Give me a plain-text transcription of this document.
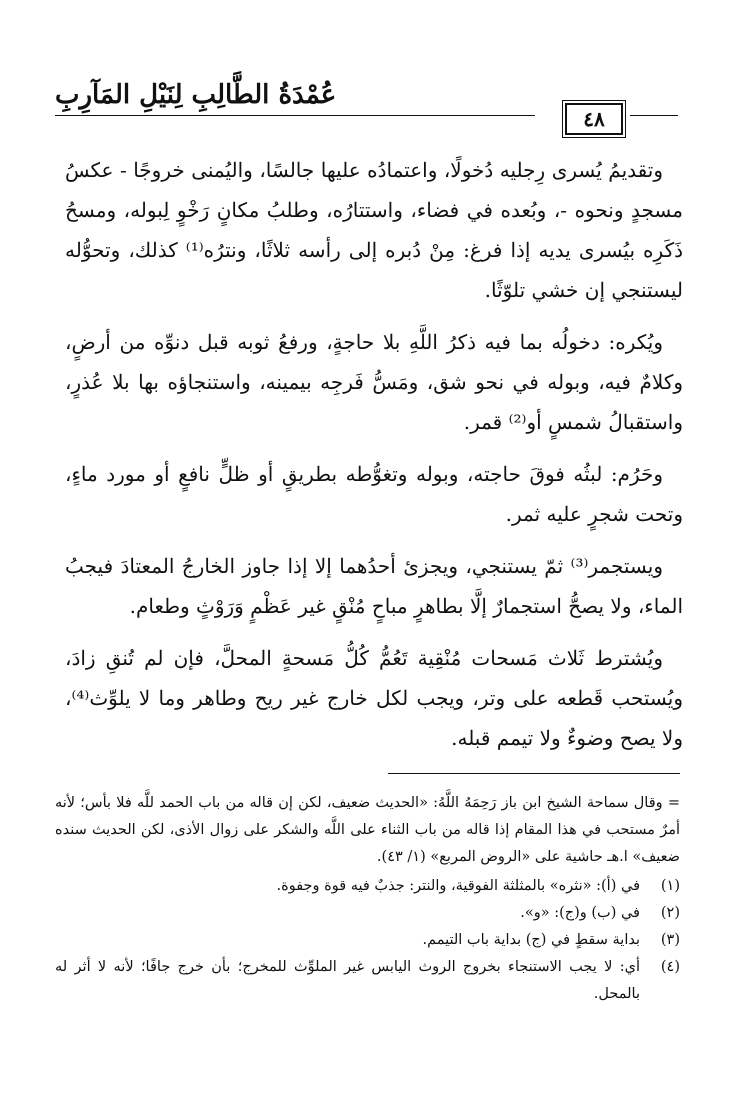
عُمْدَةُ الطَّالِبِ لِنَيْلِ المَآرِبِ
٤٨

وتقديمُ يُسرى رِجليه دُخولًا، واعتمادُه عليها جالسًا، واليُمنى خروجًا - عكسُ مسجدٍ ونحوه -، وبُعده في فضاء، واستتارُه، وطلبُ مكانٍ رَخْوٍ لِبوله، ومسحُ ذَكَرِه بيُسرى يديه إذا فرغ: مِنْ دُبره إلى رأسه ثلاثًا، ونترُه⁽¹⁾ كذلك، وتحوُّله ليستنجي إن خشي تلوّثًا.

ويُكره: دخولُه بما فيه ذكرُ اللَّهِ بلا حاجةٍ، ورفعُ ثوبه قبل دنوِّه من أرضٍ، وكلامٌ فيه، وبوله في نحو شق، ومَسُّ فَرجِه بيمينه، واستنجاؤه بها بلا عُذرٍ، واستقبالُ شمسٍ أو⁽²⁾ قمر.

وحَرُم: لبثُه فوقَ حاجته، وبوله وتغوُّطه بطريقٍ أو ظلٍّ نافعٍ أو مورد ماءٍ، وتحت شجرٍ عليه ثمر.

ويستجمر⁽³⁾ ثمّ يستنجي، ويجزئ أحدُهما إلا إذا جاوز الخارجُ المعتادَ فيجبُ الماء، ولا يصحُّ استجمارٌ إلَّا بطاهرٍ مباحٍ مُنْقٍ غير عَظْمٍ وَرَوْثٍ وطعام.

ويُشترط ثَلاث مَسحات مُنْقِية تَعُمُّ كُلُّ مَسحةٍ المحلَّ، فإن لم تُنقِ زادَ، ويُستحب قَطعه على وتر، ويجب لكل خارج غير ريح وطاهر وما لا يلوِّث⁽⁴⁾، ولا يصح وضوءٌ ولا تيمم قبله.

= وقال سماحة الشيخ ابن باز رَحِمَهُ اللَّهُ: «الحديث ضعيف، لكن إن قاله من باب الحمد للَّه فلا بأس؛ لأنه أمرٌ مستحب في هذا المقام إذا قاله من باب الثناء على اللَّه والشكر على زوال الأذى، لكن الحديث سنده ضعيف» ا.هـ حاشية على «الروض المربع» (١/ ٤٣).

(١)
في (أ): «نثره» بالمثلثة الفوقية، والنتر: جذبٌ فيه قوة وجفوة.

(٢)
في (ب) و(ج): «و».

(٣)
بداية سقطٍ في (ج) بداية باب التيمم.

(٤)
أي: لا يجب الاستنجاء بخروج الروث اليابس غير الملوِّث للمخرج؛ بأن خرج جافًا؛ لأنه لا أثر له بالمحل.
